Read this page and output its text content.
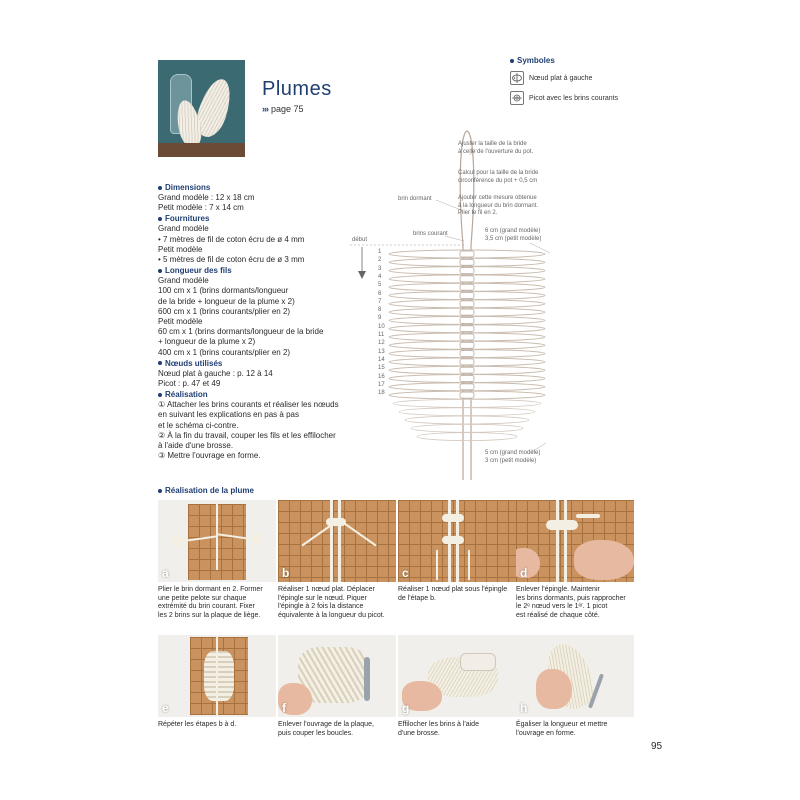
Plumes
››› page 75
Symboles
Nœud plat à gauche
Picot avec les brins courants
Dimensions

Grand modèle : 12 x 18 cm

Petit modèle : 7 x 14 cm

Fournitures

Grand modèle

• 7 mètres de fil de coton écru de ø 4 mm

Petit modèle

• 5 mètres de fil de coton écru de ø 3 mm

Longueur des fils

Grand modèle

100 cm x 1 (brins dormants/longueur

de la bride + longueur de la plume x 2)

600 cm x 1 (brins courants/plier en 2)

Petit modèle

60 cm x 1 (brins dormants/longueur de la bride

+ longueur de la plume x 2)

400 cm x 1 (brins courants/plier en 2)

Nœuds utilisés

Nœud plat à gauche : p. 12 à 14

Picot : p. 47 et 49

Réalisation

① Attacher les brins courants et réaliser les nœuds

en suivant les explications en pas à pas

et le schéma ci-contre.

② À la fin du travail, couper les fils et les effilocher

à l'aide d'une brosse.

③ Mettre l'ouvrage en forme.

Ajuster la taille de la bride
à celle de l'ouverture du pot.
Calcul pour la taille de la bride
circonférence du pot + 0,5 cm
Ajouter cette mesure obtenue
à la longueur du brin dormant.
Plier le fil en 2.
brin dormant
brins courant
début
6 cm (grand modèle)
3,5 cm (petit modèle)
5 cm (grand modèle)
3 cm (petit modèle)
1
2
3
4
5
6
7
8
9
10
11
12
13
14
15
16
17
18
Réalisation de la plume
a
Plier le brin dormant en 2. Former
une petite pelote sur chaque
extrémité du brin courant. Fixer
les 2 brins sur la plaque de liège.
b
Réaliser 1 nœud plat. Déplacer
l'épingle sur le nœud. Piquer
l'épingle à 2 fois la distance
équivalente à la longueur du picot.
c
Réaliser 1 nœud plat sous l'épingle
de l'étape b.
d
Enlever l'épingle. Maintenir
les brins dormants, puis rapprocher
le 2ᵉ nœud vers le 1ᵉʳ. 1 picot
est réalisé de chaque côté.
e
Répéter les étapes b à d.
f
Enlever l'ouvrage de la plaque,
puis couper les boucles.
g
Effilocher les brins à l'aide
d'une brosse.
h
Égaliser la longueur et mettre
l'ouvrage en forme.
95
